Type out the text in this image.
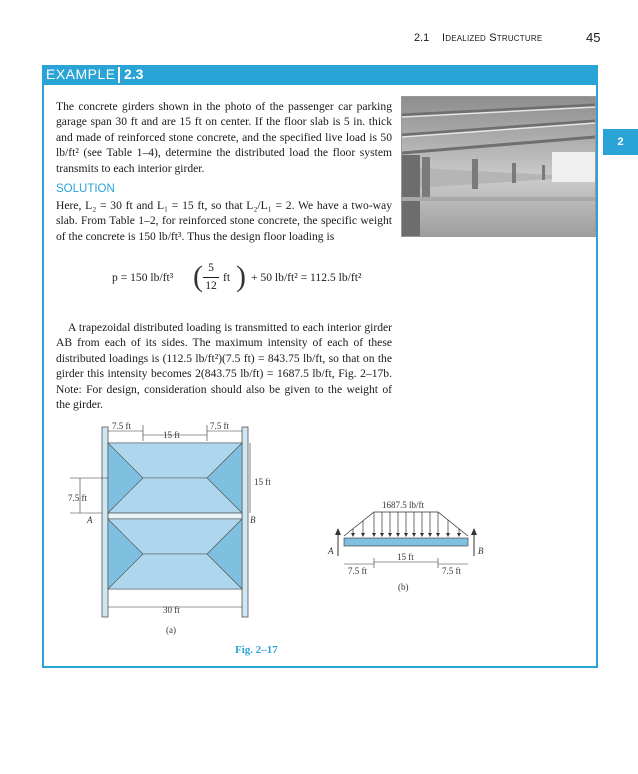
2.1 Idealized Structure	45
2
EXAMPLE 2.3
The concrete girders shown in the photo of the passenger car parking garage span 30 ft and are 15 ft on center. If the floor slab is 5 in. thick and made of reinforced stone concrete, and the specified live load is 50 lb/ft² (see Table 1–4), determine the distributed load the floor system transmits to each interior girder.
SOLUTION
Here, L₂ = 30 ft and L₁ = 15 ft, so that L₂/L₁ = 2. We have a two-way slab. From Table 1–2, for reinforced stone concrete, the specific weight of the concrete is 150 lb/ft³. Thus the design floor loading is
p = 150 lb/ft³ ( 5
12
ft ) + 50 lb/ft² = 112.5 lb/ft²
A trapezoidal distributed loading is transmitted to each interior girder AB from each of its sides. The maximum intensity of each of these distributed loadings is (112.5 lb/ft²)(7.5 ft) = 843.75 lb/ft, so that on the girder this intensity becomes 2(843.75 lb/ft) = 1687.5 lb/ft, Fig. 2–17b. Note: For design, consideration should also be given to the weight of the girder.
7.5 ft
15 ft
7.5 ft
15 ft
7.5 ft
A	B
30 ft
(a)
1687.5 lb/ft
A	B
7.5 ft
15 ft
7.5 ft
(b)
Fig. 2–17
